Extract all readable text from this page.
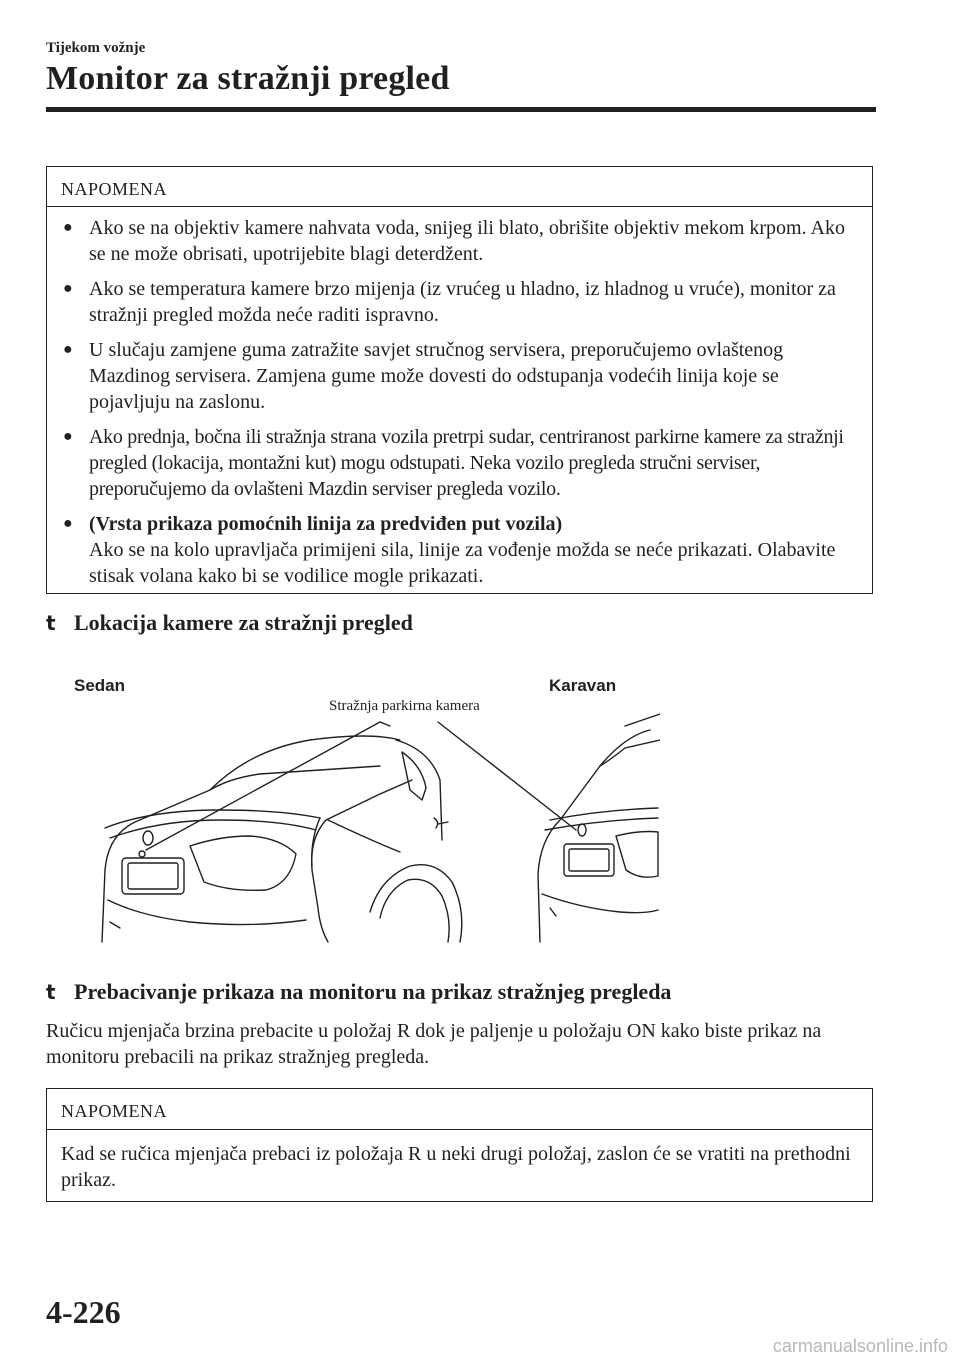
Tijekom vožnje
Monitor za stražnji pregled
NAPOMENA
● Ako se na objektiv kamere nahvata voda, snijeg ili blato, obrišite objektiv mekom krpom. Ako se ne može obrisati, upotrijebite blagi deterdžent.
● Ako se temperatura kamere brzo mijenja (iz vrućeg u hladno, iz hladnog u vruće), monitor za stražnji pregled možda neće raditi ispravno.
● U slučaju zamjene guma zatražite savjet stručnog servisera, preporučujemo ovlaštenog Mazdinog servisera. Zamjena gume može dovesti do odstupanja vodećih linija koje se pojavljuju na zaslonu.
● Ako prednja, bočna ili stražnja strana vozila pretrpi sudar, centriranost parkirne kamere za stražnji pregled (lokacija, montažni kut) mogu odstupati. Neka vozilo pregleda stručni serviser, preporučujemo da ovlašteni Mazdin serviser pregleda vozilo.
● (Vrsta prikaza pomoćnih linija za predviđen put vozila)
Ako se na kolo upravljača primijeni sila, linije za vođenje možda se neće prikazati. Olabavite stisak volana kako bi se vodilice mogle prikazati.
t Lokacija kamere za stražnji pregled
Sedan	Karavan
Stražnja parkirna kamera
t Prebacivanje prikaza na monitoru na prikaz stražnjeg pregleda
Ručicu mjenjača brzina prebacite u položaj R dok je paljenje u položaju ON kako biste prikaz na monitoru prebacili na prikaz stražnjeg pregleda.
NAPOMENA
Kad se ručica mjenjača prebaci iz položaja R u neki drugi položaj, zaslon će se vratiti na prethodni prikaz.
4-226
carmanualsonline.info
